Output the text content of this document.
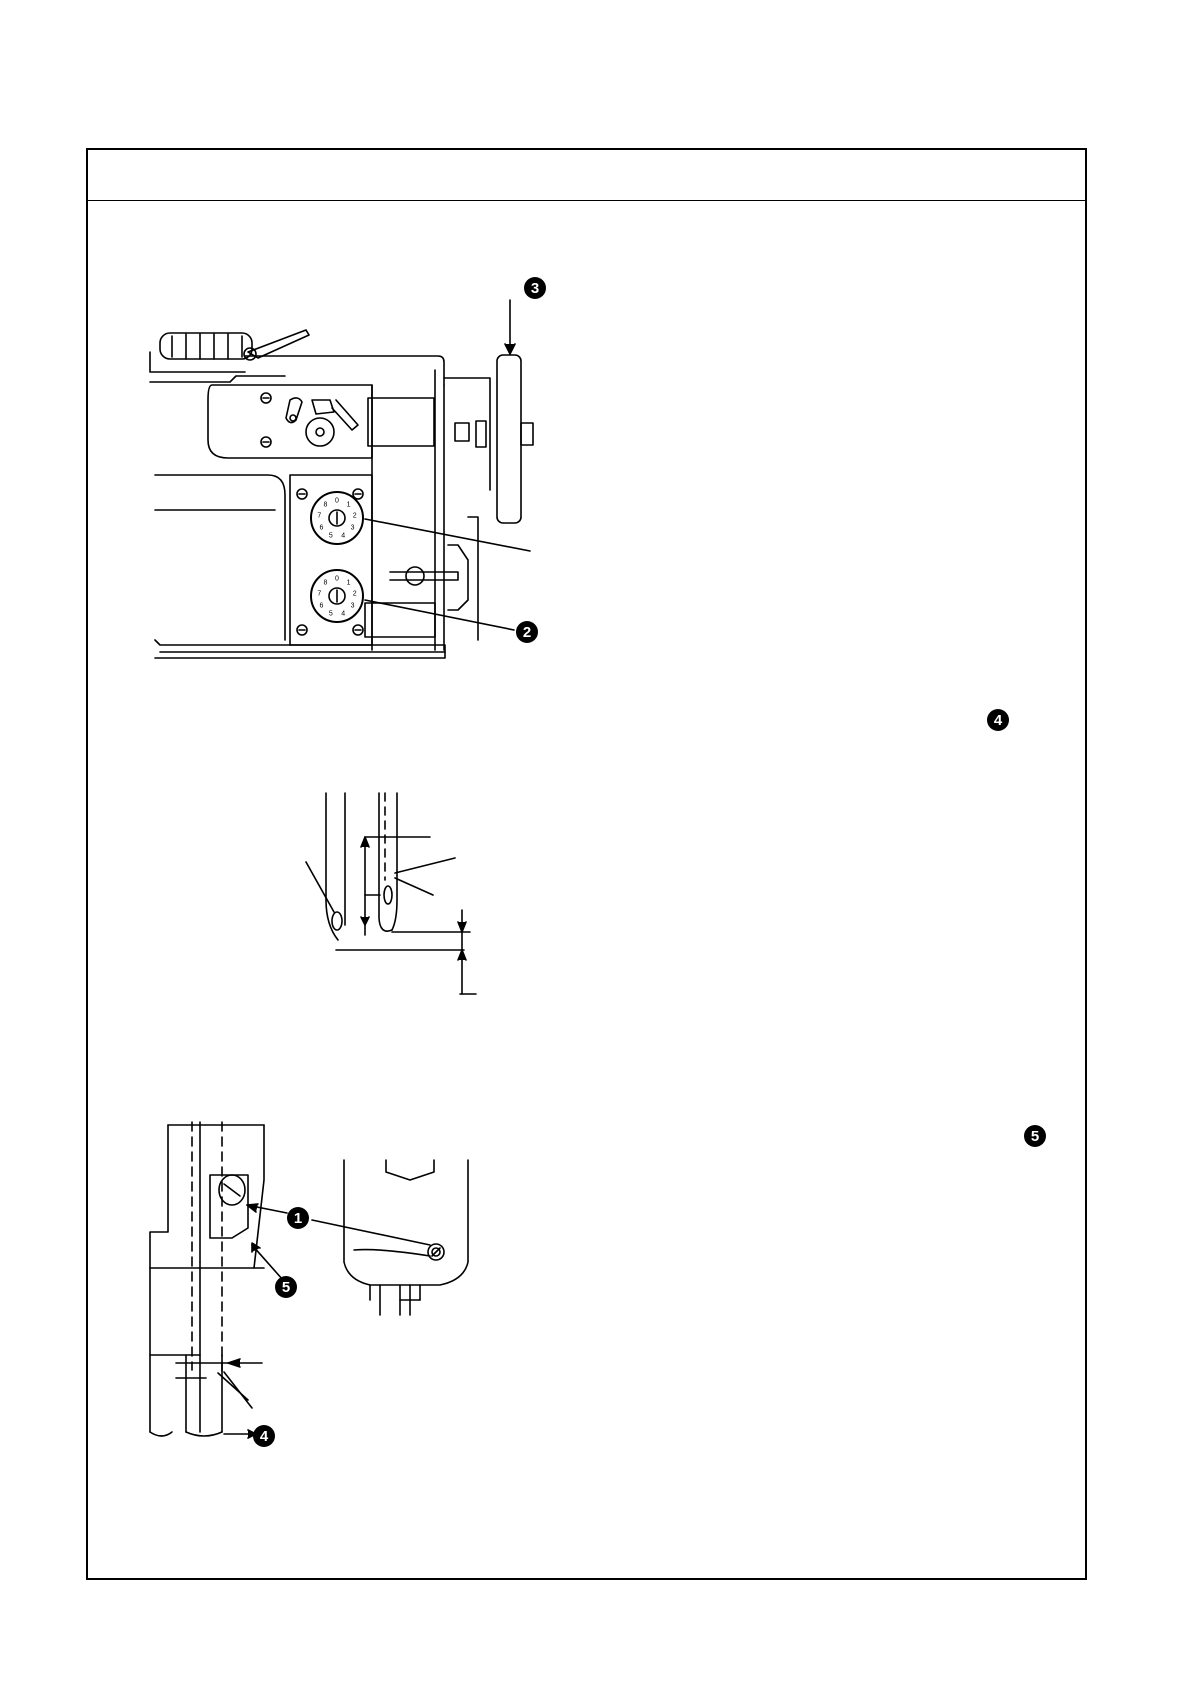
0
1
2
3
4
5
6
7
8
0
1
2
3
4
5
6
7
8
3
2
4
1
5
4
5
